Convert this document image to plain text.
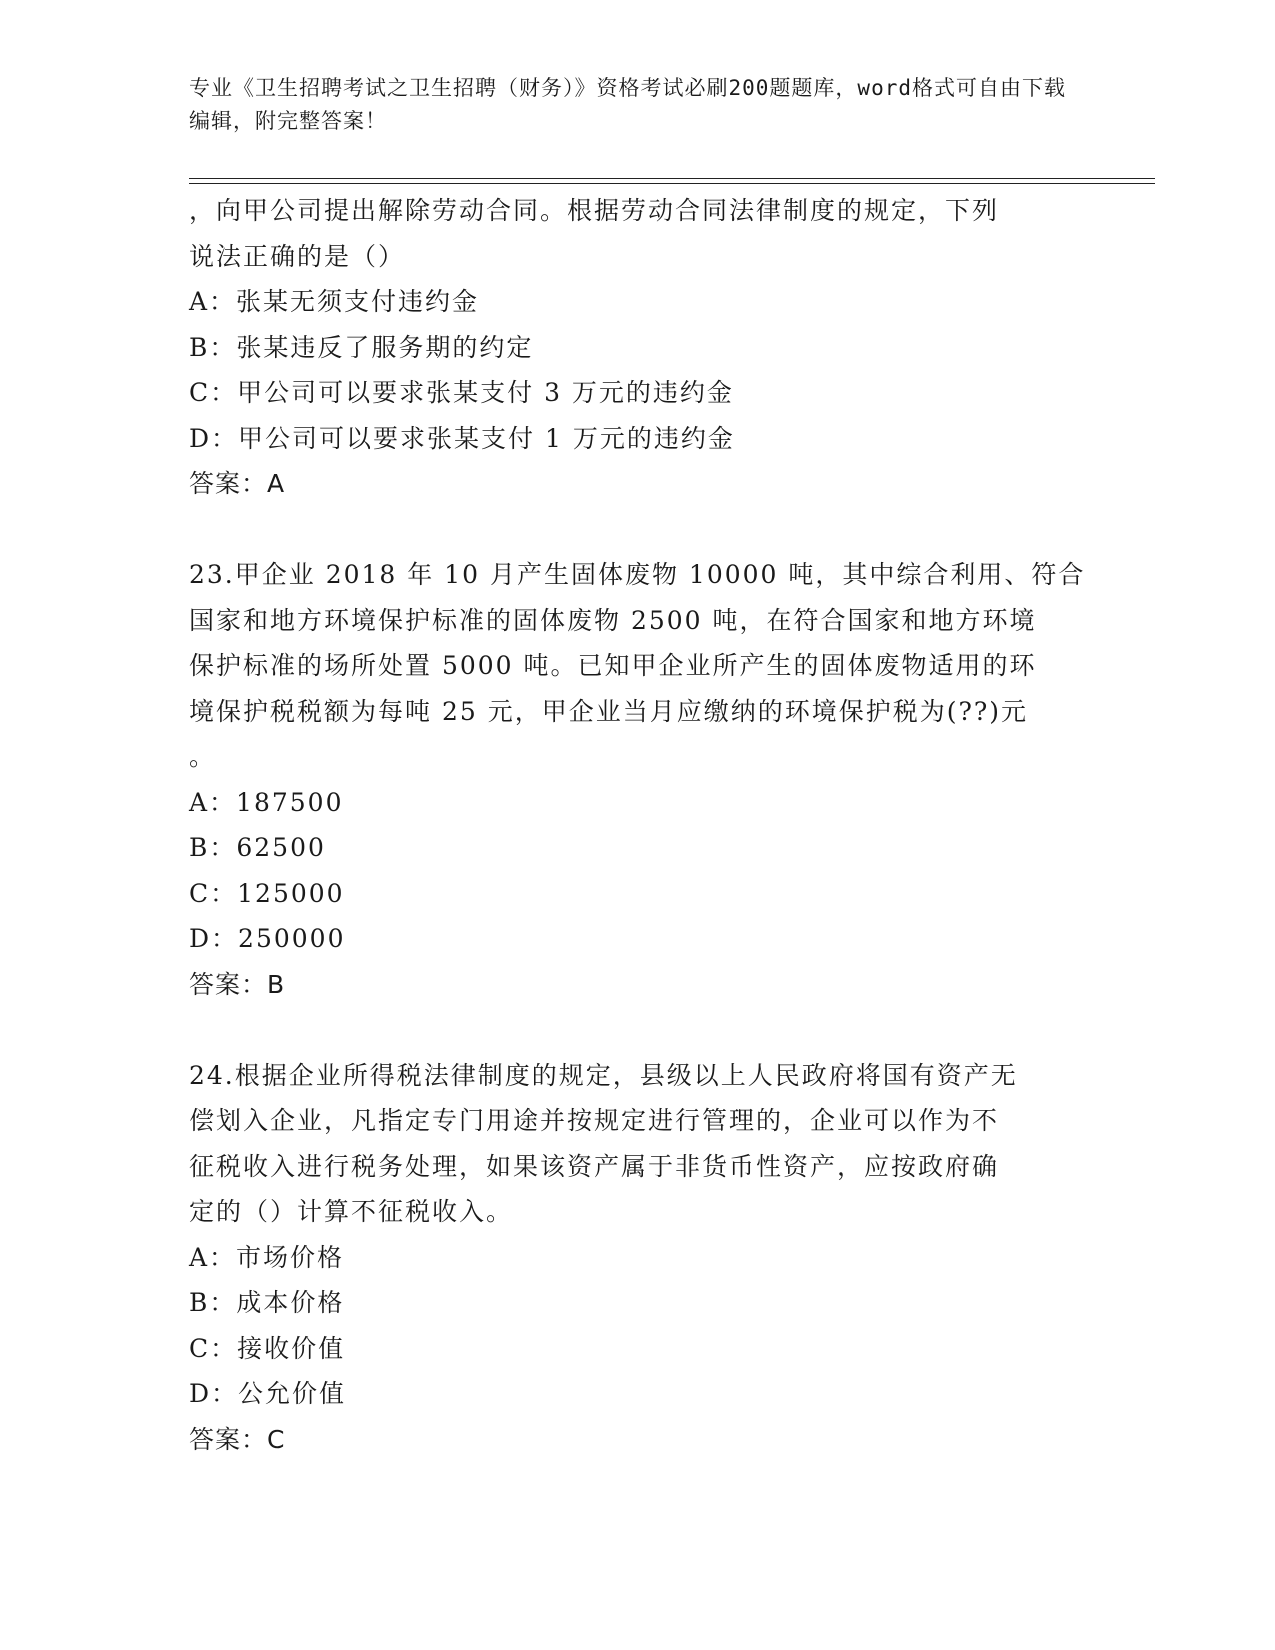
专业《卫生招聘考试之卫生招聘（财务）》资格考试必刷200题题库，word格式可自由下载编辑，附完整答案！
，向甲公司提出解除劳动合同。根据劳动合同法律制度的规定，下列
说法正确的是（）
A：张某无须支付违约金
B：张某违反了服务期的约定
C：甲公司可以要求张某支付 3 万元的违约金
D：甲公司可以要求张某支付 1 万元的违约金
答案：A
23.甲企业 2018 年 10 月产生固体废物 10000 吨，其中综合利用、符合
国家和地方环境保护标准的固体废物 2500 吨，在符合国家和地方环境
保护标准的场所处置 5000 吨。已知甲企业所产生的固体废物适用的环
境保护税税额为每吨 25 元，甲企业当月应缴纳的环境保护税为(??)元
。
A：187500
B：62500
C：125000
D：250000
答案：B
24.根据企业所得税法律制度的规定，县级以上人民政府将国有资产无
偿划入企业，凡指定专门用途并按规定进行管理的，企业可以作为不
征税收入进行税务处理，如果该资产属于非货币性资产，应按政府确
定的（）计算不征税收入。
A：市场价格
B：成本价格
C：接收价值
D：公允价值
答案：C
